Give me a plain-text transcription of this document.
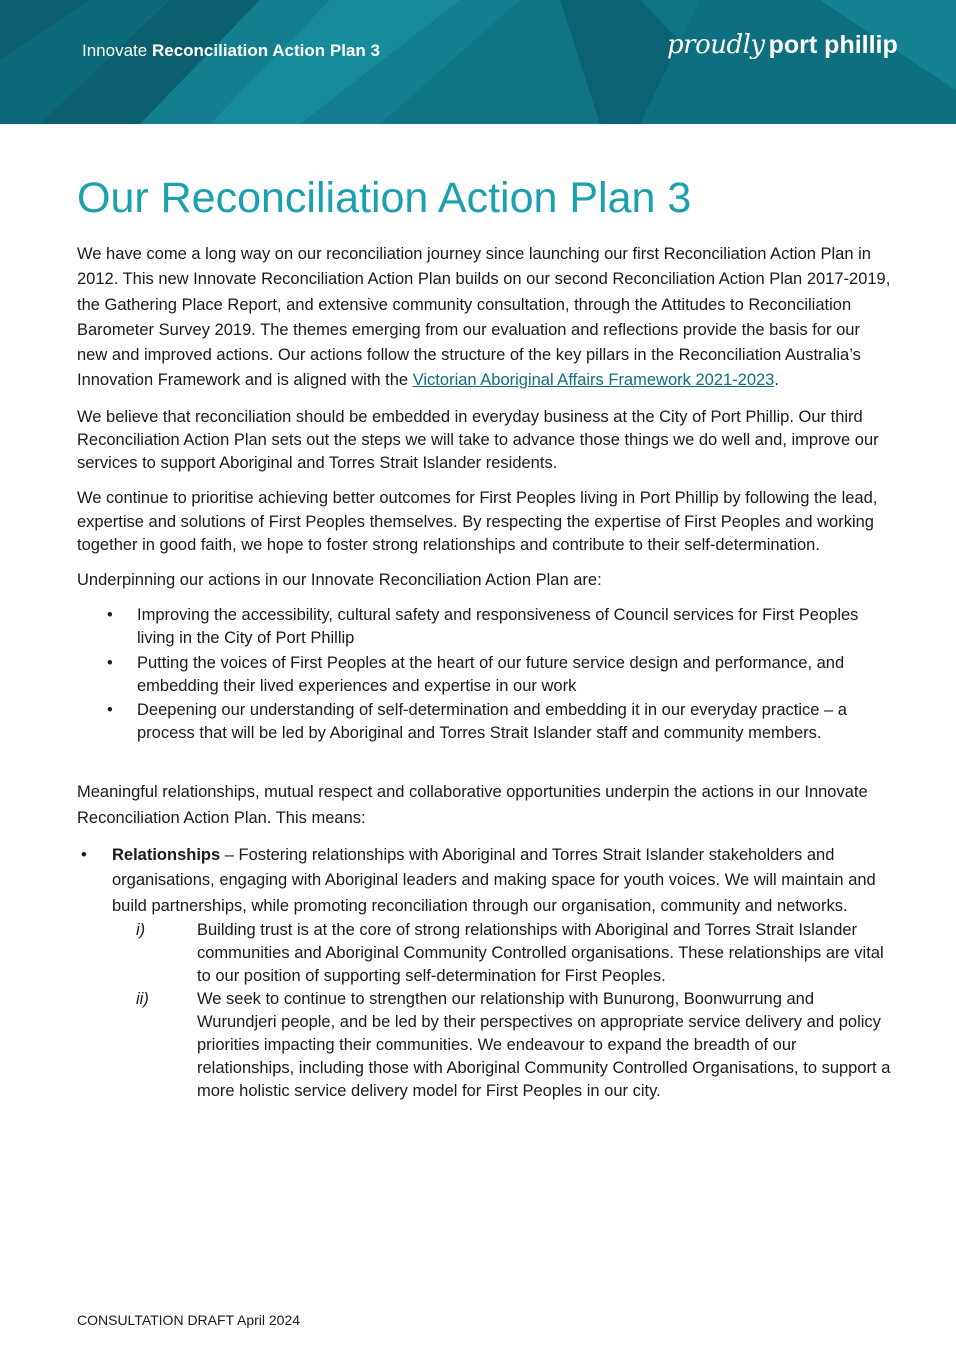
Innovate Reconciliation Action Plan 3	proudly port phillip
Our Reconciliation Action Plan 3

We have come a long way on our reconciliation journey since launching our first Reconciliation Action Plan in 2012. This new Innovate Reconciliation Action Plan builds on our second Reconciliation Action Plan 2017-2019, the Gathering Place Report, and extensive community consultation, through the Attitudes to Reconciliation Barometer Survey 2019. The themes emerging from our evaluation and reflections provide the basis for our new and improved actions. Our actions follow the structure of the key pillars in the Reconciliation Australia’s Innovation Framework and is aligned with the Victorian Aboriginal Affairs Framework 2021-2023.

We believe that reconciliation should be embedded in everyday business at the City of Port Phillip. Our third Reconciliation Action Plan sets out the steps we will take to advance those things we do well and, improve our services to support Aboriginal and Torres Strait Islander residents.

We continue to prioritise achieving better outcomes for First Peoples living in Port Phillip by following the lead, expertise and solutions of First Peoples themselves. By respecting the expertise of First Peoples and working together in good faith, we hope to foster strong relationships and contribute to their self-determination.

Underpinning our actions in our Innovate Reconciliation Action Plan are:

• Improving the accessibility, cultural safety and responsiveness of Council services for First Peoples living in the City of Port Phillip
• Putting the voices of First Peoples at the heart of our future service design and performance, and embedding their lived experiences and expertise in our work
• Deepening our understanding of self-determination and embedding it in our everyday practice – a process that will be led by Aboriginal and Torres Strait Islander staff and community members.

Meaningful relationships, mutual respect and collaborative opportunities underpin the actions in our Innovate Reconciliation Action Plan. This means:

• Relationships – Fostering relationships with Aboriginal and Torres Strait Islander stakeholders and organisations, engaging with Aboriginal leaders and making space for youth voices. We will maintain and build partnerships, while promoting reconciliation through our organisation, community and networks.
i)	Building trust is at the core of strong relationships with Aboriginal and Torres Strait Islander communities and Aboriginal Community Controlled organisations. These relationships are vital to our position of supporting self-determination for First Peoples.
ii)	We seek to continue to strengthen our relationship with Bunurong, Boonwurrung and Wurundjeri people, and be led by their perspectives on appropriate service delivery and policy priorities impacting their communities. We endeavour to expand the breadth of our relationships, including those with Aboriginal Community Controlled Organisations, to support a more holistic service delivery model for First Peoples in our city.
CONSULTATION DRAFT April 2024
